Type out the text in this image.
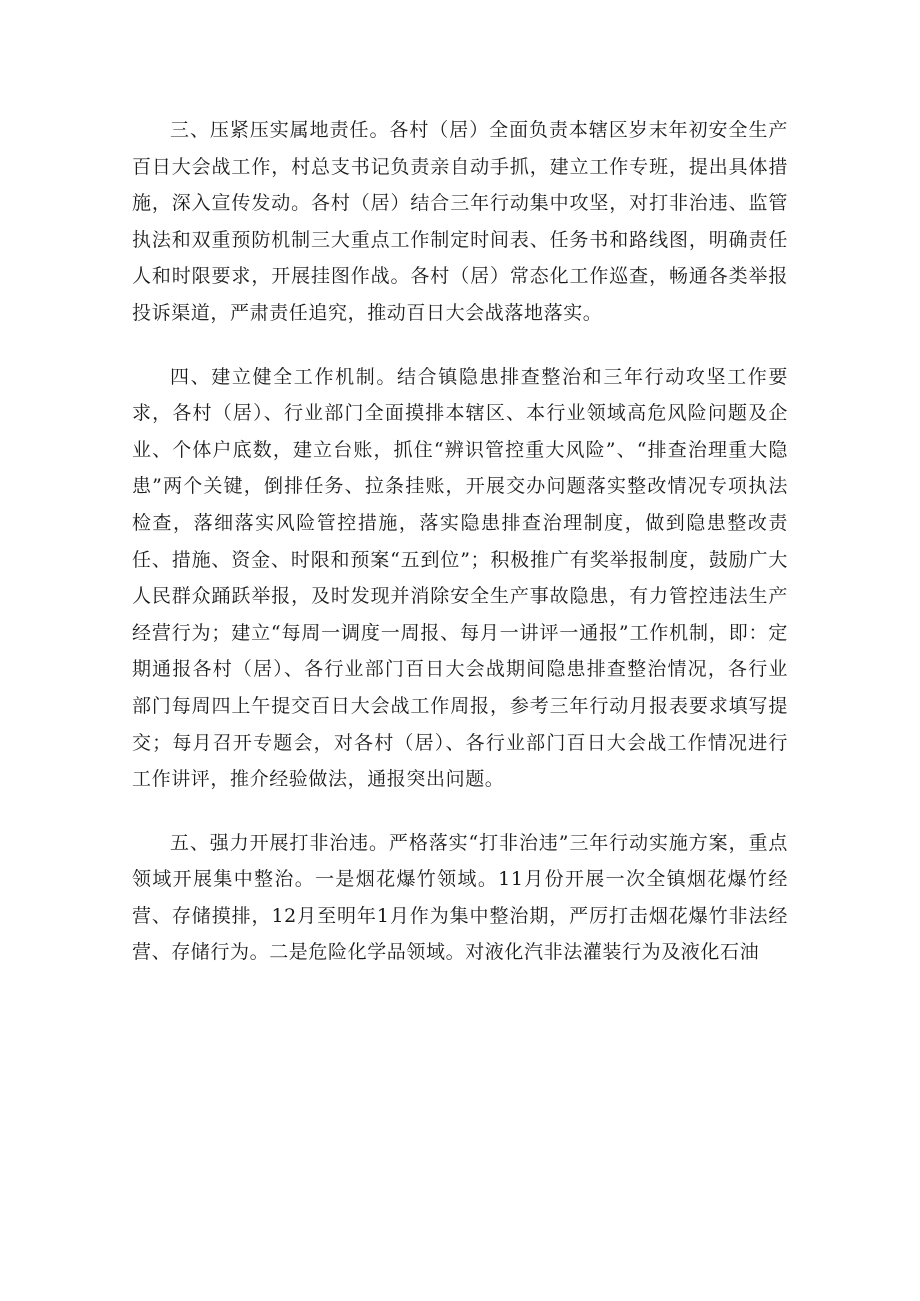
三、压紧压实属地责任。各村（居）全面负责本辖区岁末年初安全生产百日大会战工作，村总支书记负责亲自动手抓，建立工作专班，提出具体措施，深入宣传发动。各村（居）结合三年行动集中攻坚，对打非治违、监管执法和双重预防机制三大重点工作制定时间表、任务书和路线图，明确责任人和时限要求，开展挂图作战。各村（居）常态化工作巡查，畅通各类举报投诉渠道，严肃责任追究，推动百日大会战落地落实。

四、建立健全工作机制。结合镇隐患排查整治和三年行动攻坚工作要求，各村（居）、行业部门全面摸排本辖区、本行业领域高危风险问题及企业、个体户底数，建立台账，抓住“辨识管控重大风险”、“排查治理重大隐患”两个关键，倒排任务、拉条挂账，开展交办问题落实整改情况专项执法检查，落细落实风险管控措施，落实隐患排查治理制度，做到隐患整改责任、措施、资金、时限和预案“五到位”；积极推广有奖举报制度，鼓励广大人民群众踊跃举报，及时发现并消除安全生产事故隐患，有力管控违法生产经营行为；建立“每周一调度一周报、每月一讲评一通报”工作机制，即：定期通报各村（居）、各行业部门百日大会战期间隐患排查整治情况，各行业部门每周四上午提交百日大会战工作周报，参考三年行动月报表要求填写提交；每月召开专题会，对各村（居）、各行业部门百日大会战工作情况进行工作讲评，推介经验做法，通报突出问题。

五、强力开展打非治违。严格落实“打非治违”三年行动实施方案，重点领域开展集中整治。一是烟花爆竹领域。11月份开展一次全镇烟花爆竹经营、存储摸排，12月至明年1月作为集中整治期，严厉打击烟花爆竹非法经营、存储行为。二是危险化学品领域。对液化汽非法灌装行为及液化石油
